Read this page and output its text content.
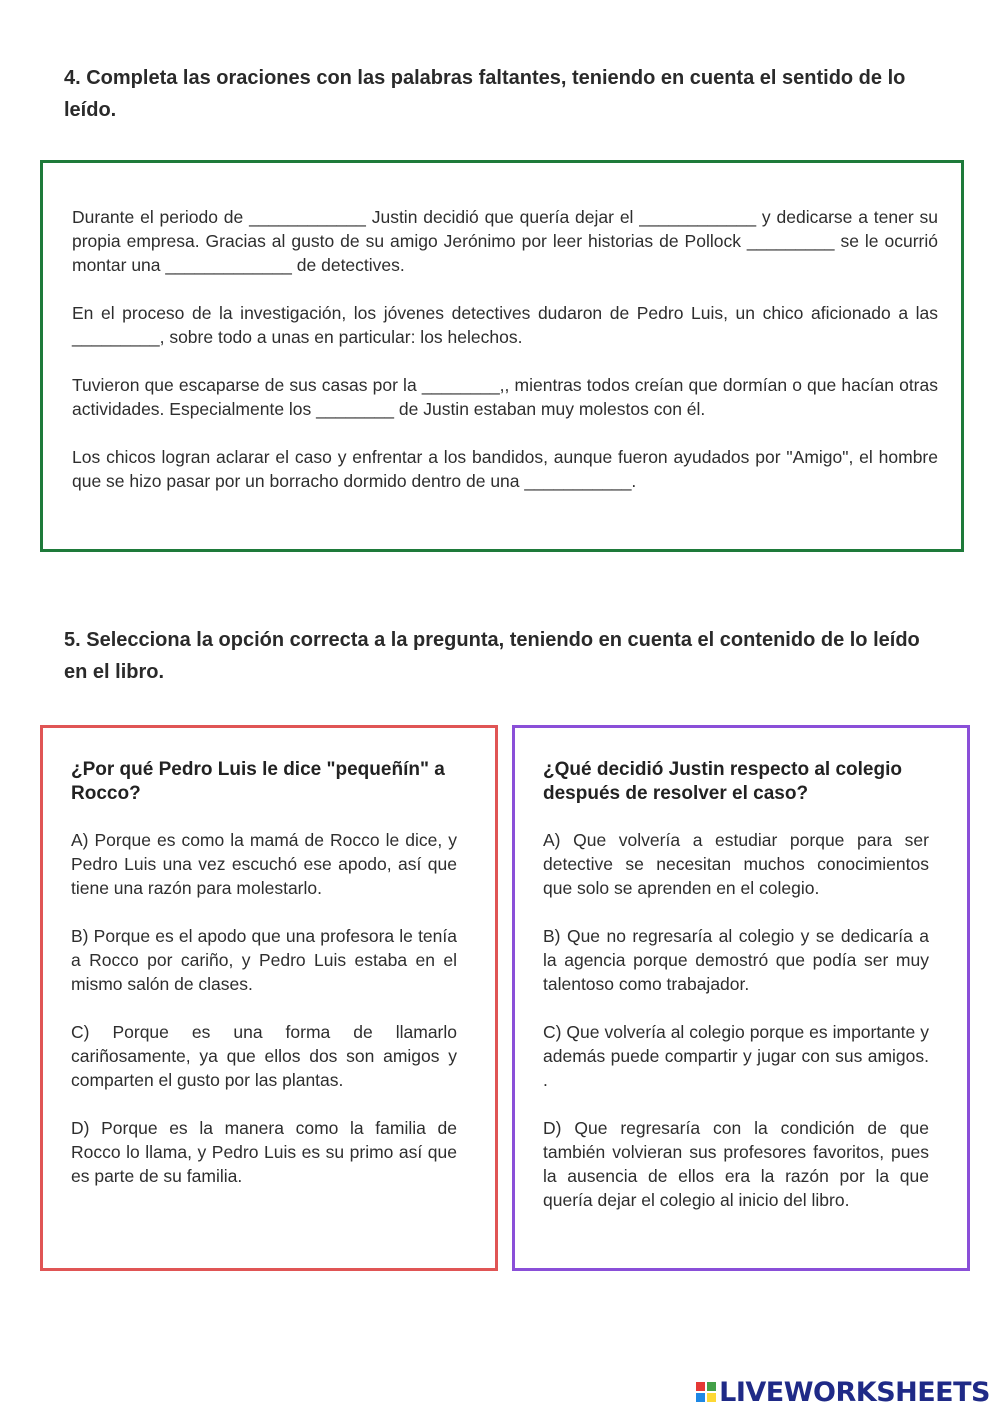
4. Completa las oraciones con las palabras faltantes, teniendo en cuenta el sentido de lo leído.

Durante el periodo de ____________ Justin decidió que quería dejar el ____________ y dedicarse a tener su propia empresa. Gracias al gusto de su amigo Jerónimo por leer historias de Pollock _________ se le ocurrió montar una _____________ de detectives.

En el proceso de la investigación, los jóvenes detectives dudaron de Pedro Luis, un chico aficionado a las _________, sobre todo a unas en particular: los helechos.

Tuvieron que escaparse de sus casas por la ________,, mientras todos creían que dormían o que hacían otras actividades. Especialmente los ________ de Justin estaban muy molestos con él.

Los chicos logran aclarar el caso y enfrentar a los bandidos, aunque fueron ayudados por "Amigo", el hombre que se hizo pasar por un borracho dormido dentro de una ___________.

5. Selecciona la opción correcta a la pregunta, teniendo en cuenta el contenido de lo leído en el libro.

¿Por qué Pedro Luis le dice "pequeñín" a Rocco?

A) Porque es como la mamá de Rocco le dice, y Pedro Luis una vez escuchó ese apodo, así que tiene una razón para molestarlo.

B) Porque es el apodo que una profesora le tenía a Rocco por cariño, y Pedro Luis estaba en el mismo salón de clases.

C) Porque es una forma de llamarlo cariñosamente, ya que ellos dos son amigos y comparten el gusto por las plantas.

D) Porque es la manera como la familia de Rocco lo llama, y Pedro Luis es su primo así que es parte de su familia.

¿Qué decidió Justin respecto al colegio después de resolver el caso?

A) Que volvería a estudiar porque para ser detective se necesitan muchos conocimientos que solo se aprenden en el colegio.

B) Que no regresaría al colegio y se dedicaría a la agencia porque demostró que podía ser muy talentoso como trabajador.

C) Que volvería al colegio porque es importante y además puede compartir y jugar con sus amigos. .

D) Que regresaría con la condición de que también volvieran sus profesores favoritos, pues la ausencia de ellos era la razón por la que quería dejar el colegio al inicio del libro.

LIVEWORKSHEETS
